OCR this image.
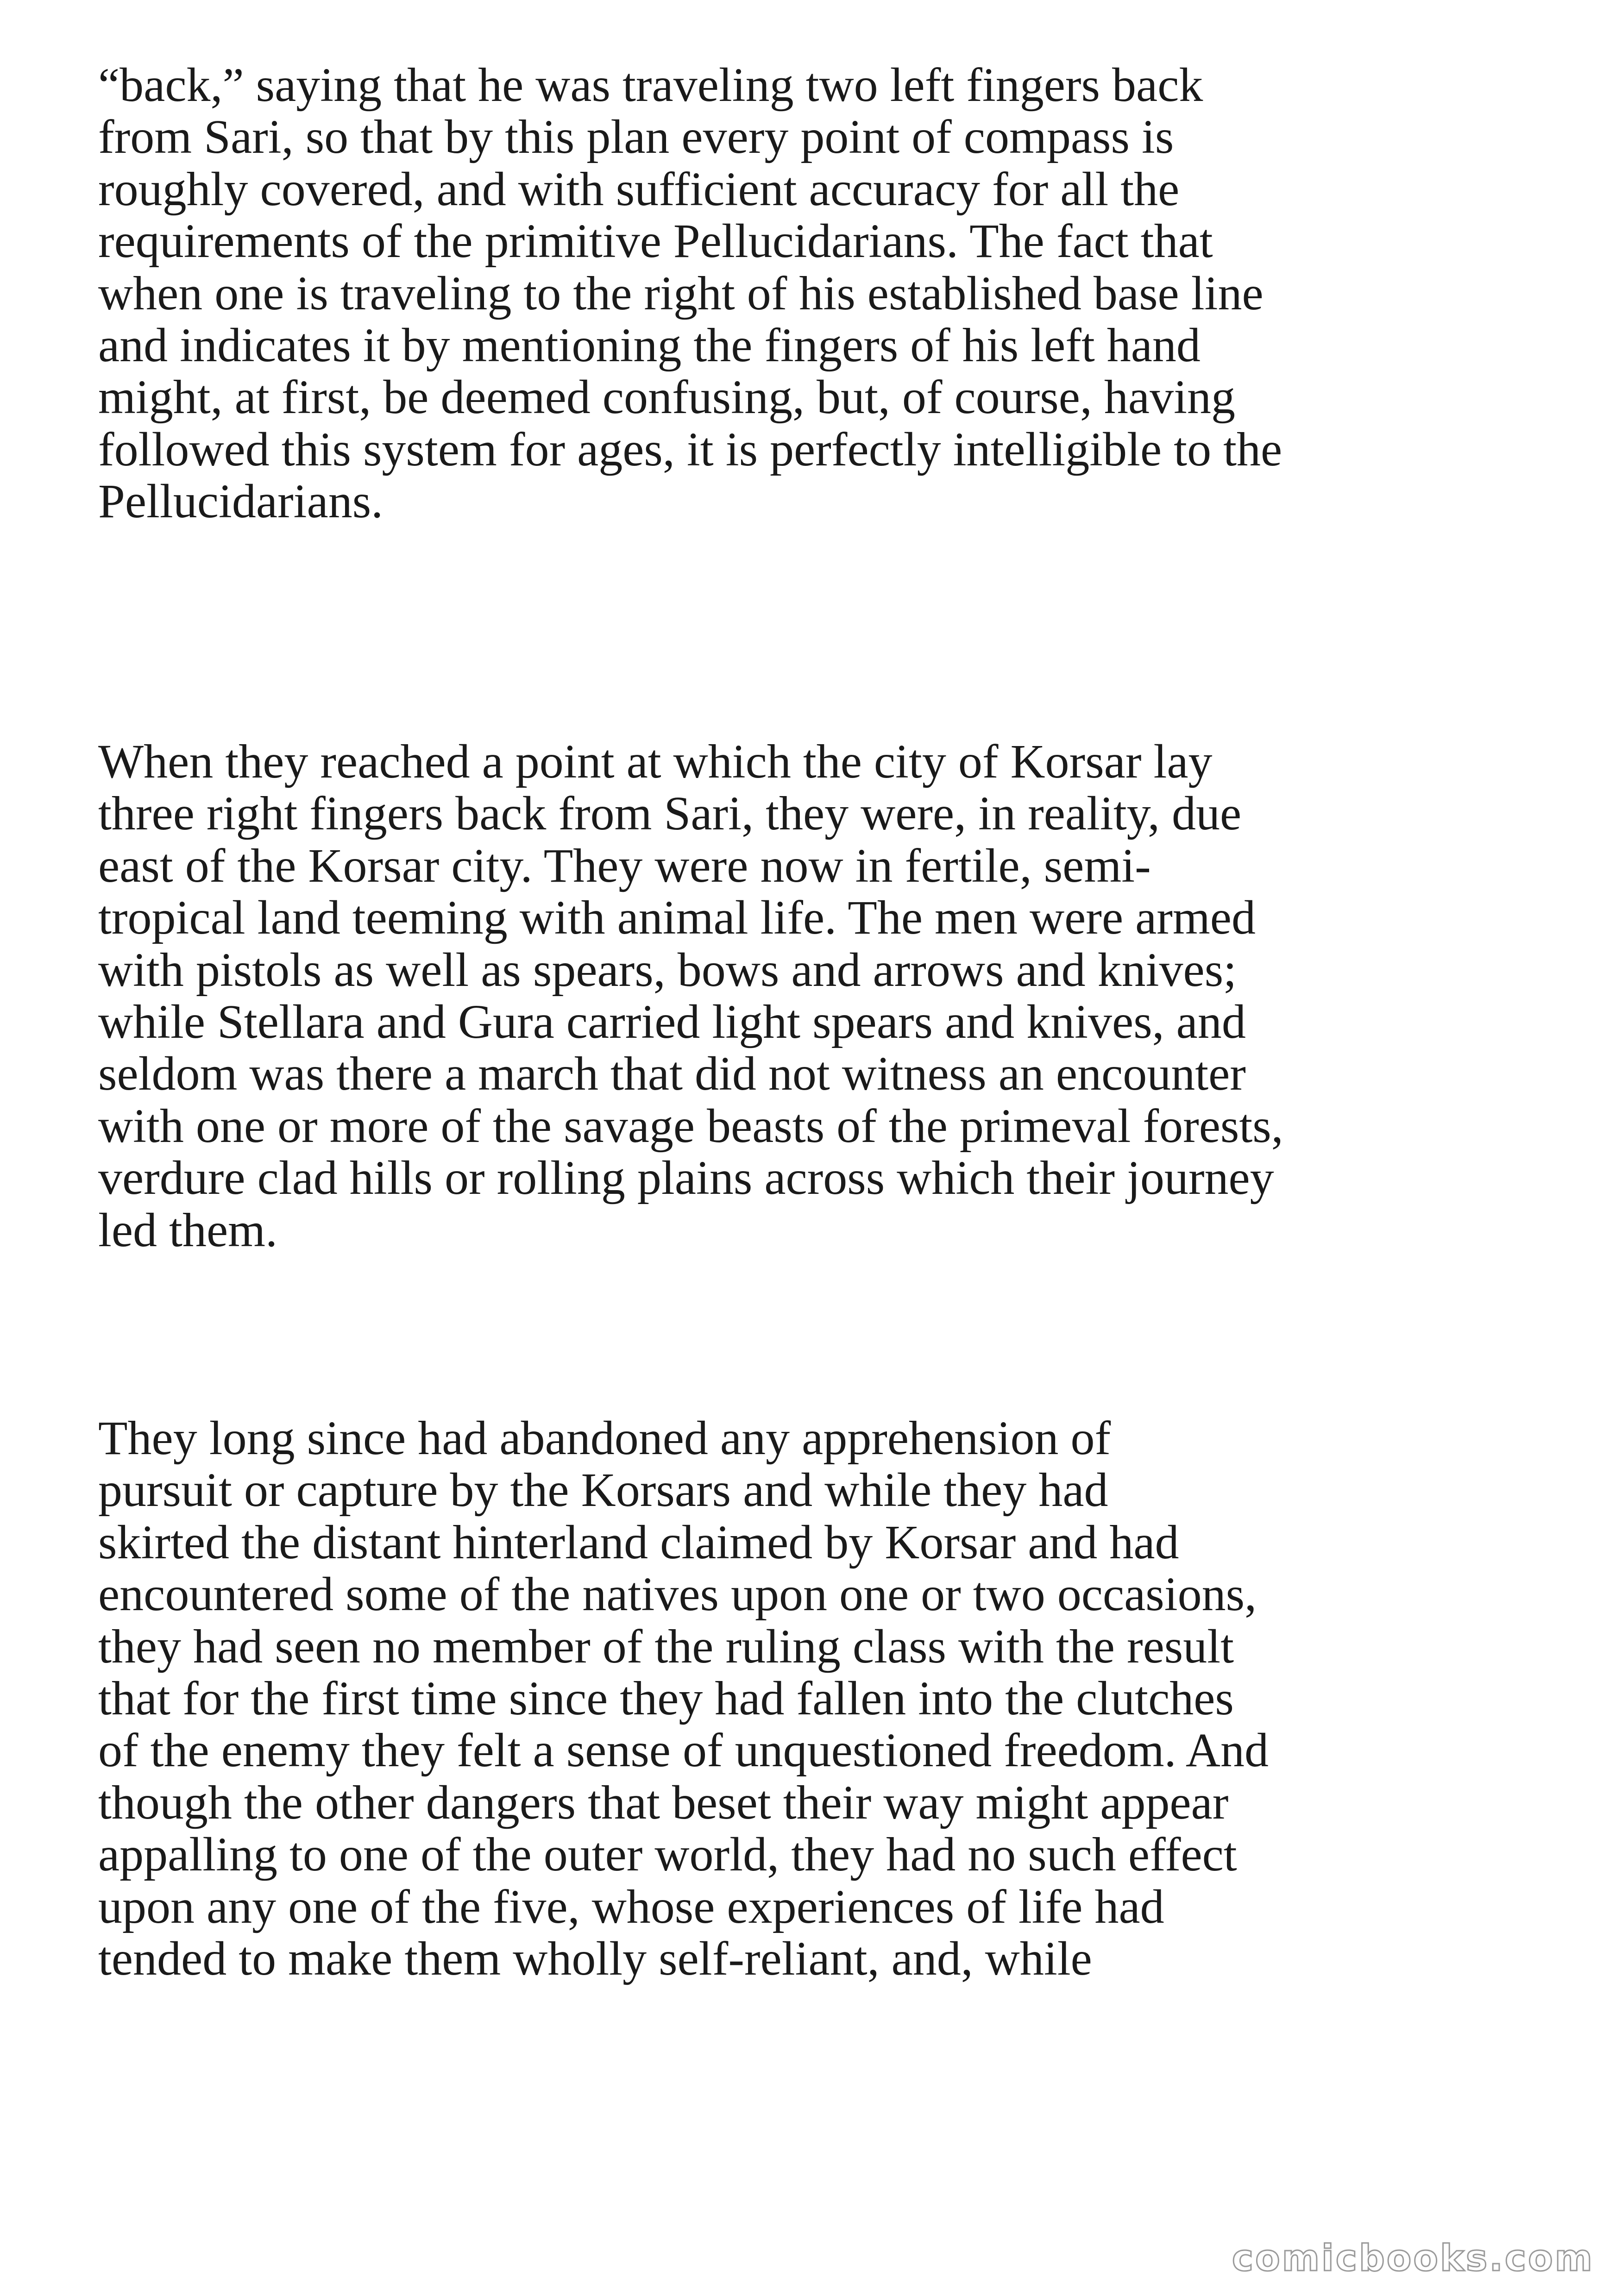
“back,” saying that he was traveling two left fingers back
from Sari, so that by this plan every point of compass is
roughly covered, and with sufficient accuracy for all the
requirements of the primitive Pellucidarians. The fact that
when one is traveling to the right of his established base line
and indicates it by mentioning the fingers of his left hand
might, at first, be deemed confusing, but, of course, having
followed this system for ages, it is perfectly intelligible to the
Pellucidarians.

When they reached a point at which the city of Korsar lay
three right fingers back from Sari, they were, in reality, due
east of the Korsar city. They were now in fertile, semi-
tropical land teeming with animal life. The men were armed
with pistols as well as spears, bows and arrows and knives;
while Stellara and Gura carried light spears and knives, and
seldom was there a march that did not witness an encounter
with one or more of the savage beasts of the primeval forests,
verdure clad hills or rolling plains across which their journey
led them.

They long since had abandoned any apprehension of
pursuit or capture by the Korsars and while they had
skirted the distant hinterland claimed by Korsar and had
encountered some of the natives upon one or two occasions,
they had seen no member of the ruling class with the result
that for the first time since they had fallen into the clutches
of the enemy they felt a sense of unquestioned freedom. And
though the other dangers that beset their way might appear
appalling to one of the outer world, they had no such effect
upon any one of the five, whose experiences of life had
tended to make them wholly self-reliant, and, while

comicbooks.com
